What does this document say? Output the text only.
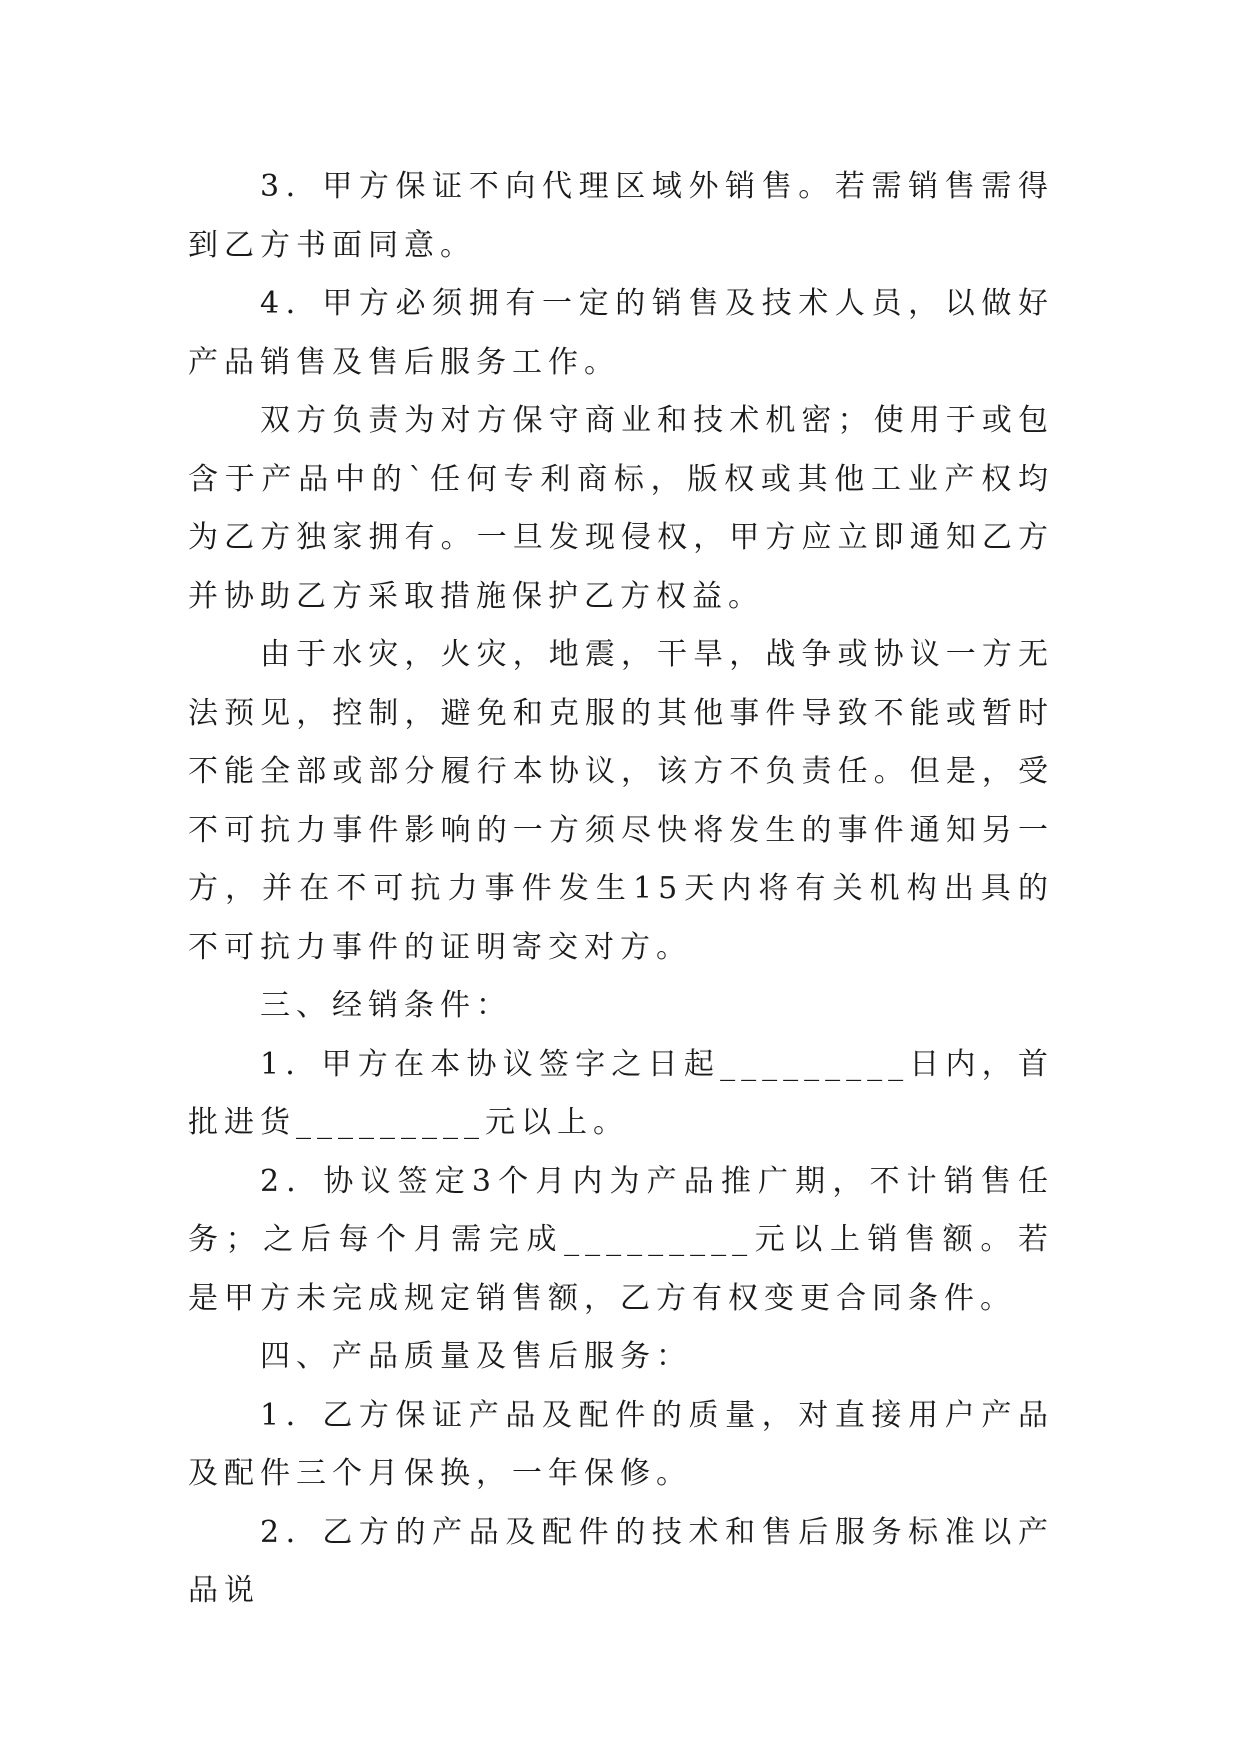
3．甲方保证不向代理区域外销售。若需销售需得到乙方书面同意。

4．甲方必须拥有一定的销售及技术人员，以做好产品销售及售后服务工作。

双方负责为对方保守商业和技术机密；使用于或包含于产品中的`任何专利商标，版权或其他工业产权均为乙方独家拥有。一旦发现侵权，甲方应立即通知乙方并协助乙方采取措施保护乙方权益。

由于水灾，火灾，地震，干旱，战争或协议一方无法预见，控制，避免和克服的其他事件导致不能或暂时不能全部或部分履行本协议，该方不负责任。但是，受不可抗力事件影响的一方须尽快将发生的事件通知另一方，并在不可抗力事件发生15天内将有关机构出具的不可抗力事件的证明寄交对方。

三、经销条件：

1．甲方在本协议签字之日起_________日内，首批进货_________元以上。

2．协议签定3个月内为产品推广期，不计销售任务；之后每个月需完成_________元以上销售额。若是甲方未完成规定销售额，乙方有权变更合同条件。

四、产品质量及售后服务：

1．乙方保证产品及配件的质量，对直接用户产品及配件三个月保换，一年保修。

2．乙方的产品及配件的技术和售后服务标准以产品说
